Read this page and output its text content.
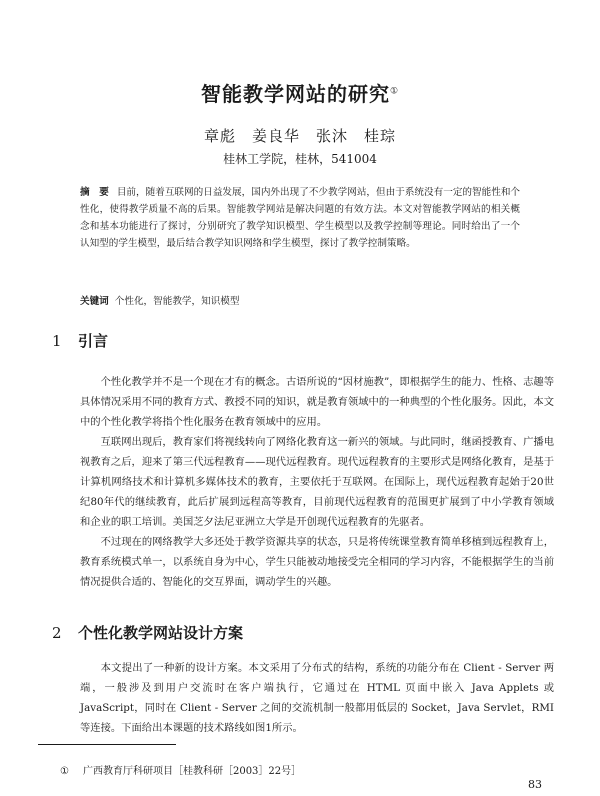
智能教学网站的研究①
章彪　姜良华　张沐　桂琮
桂林工学院，桂林，541004
摘　要 目前，随着互联网的日益发展，国内外出现了不少教学网站，但由于系统没有一定的智能性和个性化，使得教学质量不高的后果。智能教学网站是解决问题的有效方法。本文对智能教学网站的相关概念和基本功能进行了探讨，分别研究了教学知识模型、学生模型以及教学控制等理论。同时给出了一个认知型的学生模型，最后结合教学知识网络和学生模型，探讨了教学控制策略。
关键词 个性化，智能教学，知识模型
1 引言

个性化教学并不是一个现在才有的概念。古语所说的“因材施教”，即根据学生的能力、性格、志趣等具体情况采用不同的教育方式、教授不同的知识，就是教育领域中的一种典型的个性化服务。因此，本文中的个性化教学将指个性化服务在教育领域中的应用。

互联网出现后，教育家们将视线转向了网络化教育这一新兴的领域。与此同时，继函授教育、广播电视教育之后，迎来了第三代远程教育——现代远程教育。现代远程教育的主要形式是网络化教育，是基于计算机网络技术和计算机多媒体技术的教育，主要依托于互联网。在国际上，现代远程教育起始于20世纪80年代的继续教育，此后扩展到远程高等教育，目前现代远程教育的范围更扩展到了中小学教育领域和企业的职工培训。美国芝夕法尼亚洲立大学是开创现代远程教育的先驱者。

不过现在的网络教学大多还处于教学资源共享的状态，只是将传统课堂教育简单移植到远程教育上，教育系统模式单一，以系统自身为中心，学生只能被动地接受完全相同的学习内容，不能根据学生的当前情况提供合适的、智能化的交互界面，调动学生的兴趣。

2 个性化教学网站设计方案

本文提出了一种新的设计方案。本文采用了分布式的结构，系统的功能分布在 Client - Server 两端，一般涉及到用户交流时在客户端执行，它通过在 HTML 页面中嵌入 Java Applets 或 JavaScript，同时在 Client - Server 之间的交流机制一般都用低层的 Socket，Java Servlet，RMI 等连接。下面给出本课题的技术路线如图1所示。

① 广西教育厅科研项目［桂教科研［2003］22号］
83
